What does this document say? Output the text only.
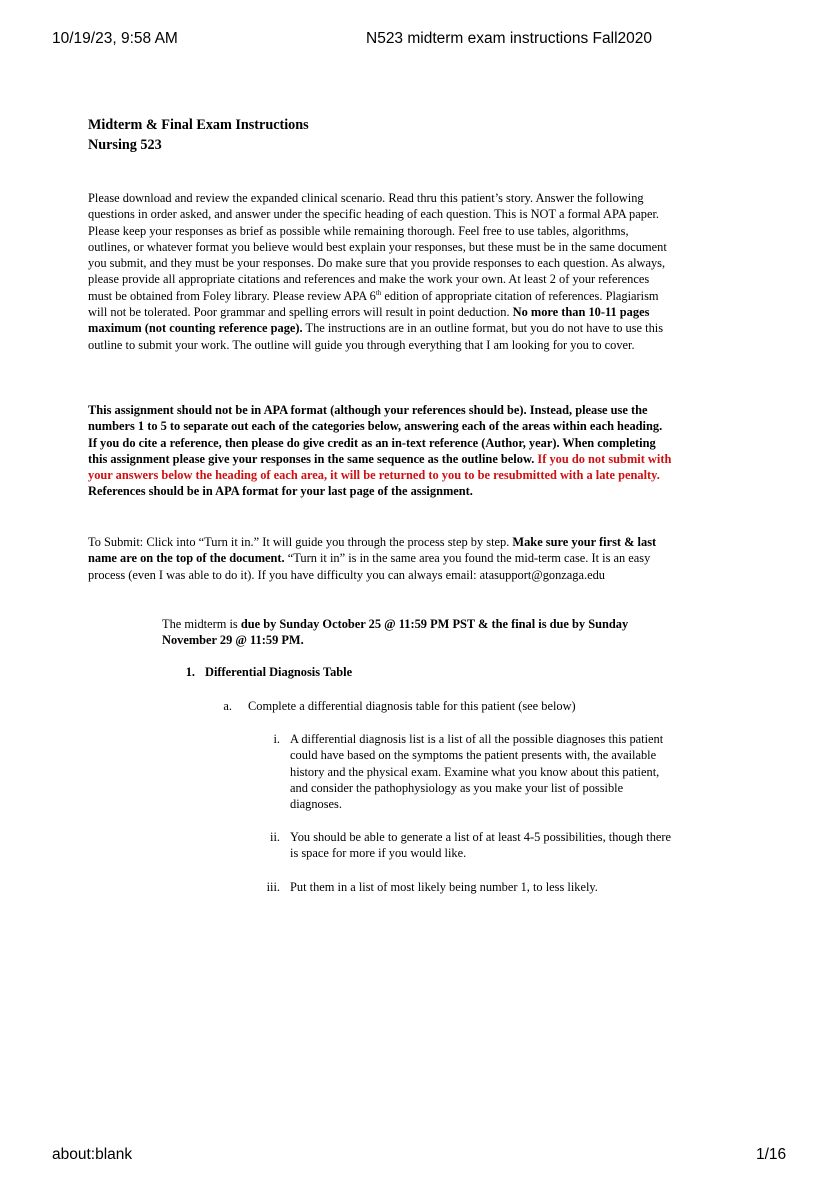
10/19/23, 9:58 AM	N523 midterm exam instructions Fall2020
Midterm & Final Exam Instructions
Nursing 523
Please download and review the expanded clinical scenario. Read thru this patient’s story. Answer the following questions in order asked, and answer under the specific heading of each question. This is NOT a formal APA paper. Please keep your responses as brief as possible while remaining thorough. Feel free to use tables, algorithms, outlines, or whatever format you believe would best explain your responses, but these must be in the same document you submit, and they must be your responses. Do make sure that you provide responses to each question. As always, please provide all appropriate citations and references and make the work your own. At least 2 of your references must be obtained from Foley library. Please review APA 6th edition of appropriate citation of references. Plagiarism will not be tolerated. Poor grammar and spelling errors will result in point deduction. No more than 10-11 pages maximum (not counting reference page). The instructions are in an outline format, but you do not have to use this outline to submit your work. The outline will guide you through everything that I am looking for you to cover.
This assignment should not be in APA format (although your references should be). Instead, please use the numbers 1 to 5 to separate out each of the categories below, answering each of the areas within each heading. If you do cite a reference, then please do give credit as an in-text reference (Author, year). When completing this assignment please give your responses in the same sequence as the outline below. If you do not submit with your answers below the heading of each area, it will be returned to you to be resubmitted with a late penalty. References should be in APA format for your last page of the assignment.
To Submit: Click into “Turn it in.” It will guide you through the process step by step. Make sure your first & last name are on the top of the document. “Turn it in” is in the same area you found the mid-term case. It is an easy process (even I was able to do it). If you have difficulty you can always email: atasupport@gonzaga.edu
The midterm is due by Sunday October 25 @ 11:59 PM PST & the final is due by Sunday November 29 @ 11:59 PM.
1. Differential Diagnosis Table
a. Complete a differential diagnosis table for this patient (see below)
i. A differential diagnosis list is a list of all the possible diagnoses this patient could have based on the symptoms the patient presents with, the available history and the physical exam. Examine what you know about this patient, and consider the pathophysiology as you make your list of possible diagnoses.
ii. You should be able to generate a list of at least 4-5 possibilities, though there is space for more if you would like.
iii. Put them in a list of most likely being number 1, to less likely.
about:blank	1/16
